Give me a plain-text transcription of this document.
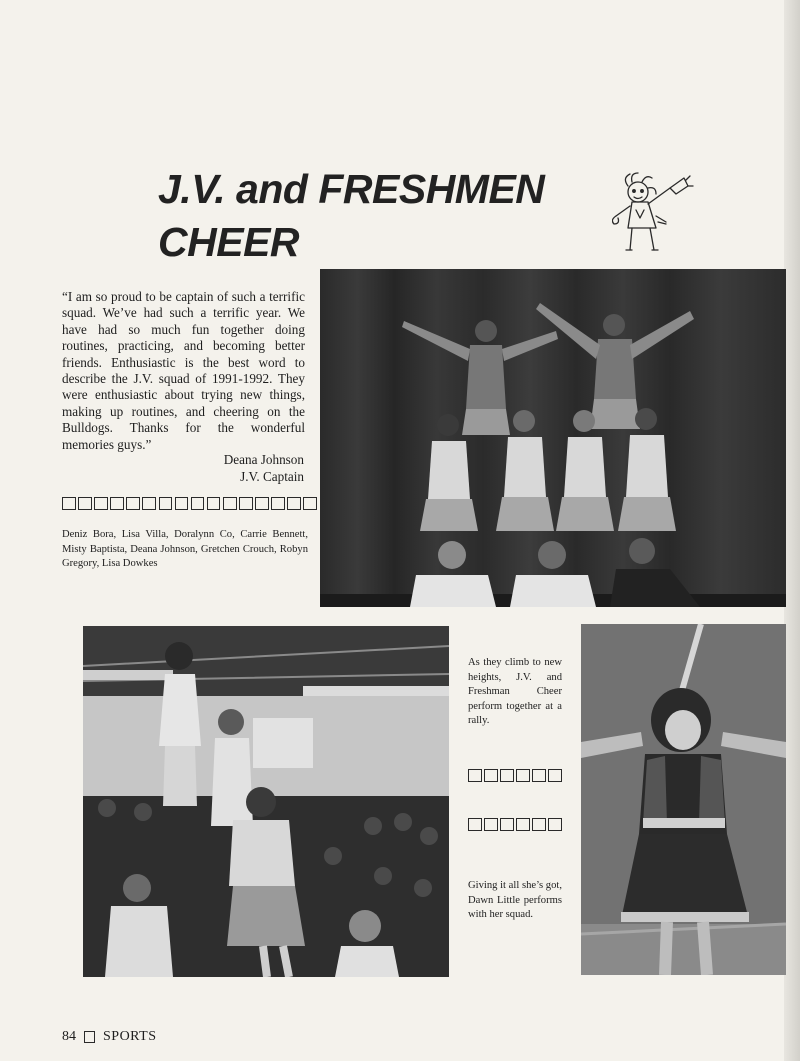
J.V. and FRESHMEN
CHEER
“I am so proud to be captain of such a terrific squad. We’ve had such a terrific year. We have had so much fun together doing routines, practicing, and becoming better friends. Enthusiastic is the best word to describe the J.V. squad of 1991-1992. They were enthusiastic about trying new things, making up routines, and cheering on the Bulldogs. Thanks for the wonderful memories guys.”
Deana Johnson
J.V. Captain
Deniz Bora, Lisa Villa, Doralynn Co, Carrie Bennett, Misty Baptista, Deana Johnson, Gretchen Crouch, Robyn Gregory, Lisa Dowkes
As they climb to new heights, J.V. and Freshman Cheer perform together at a rally.
Giving it all she’s got, Dawn Little performs with her squad.
84 SPORTS
